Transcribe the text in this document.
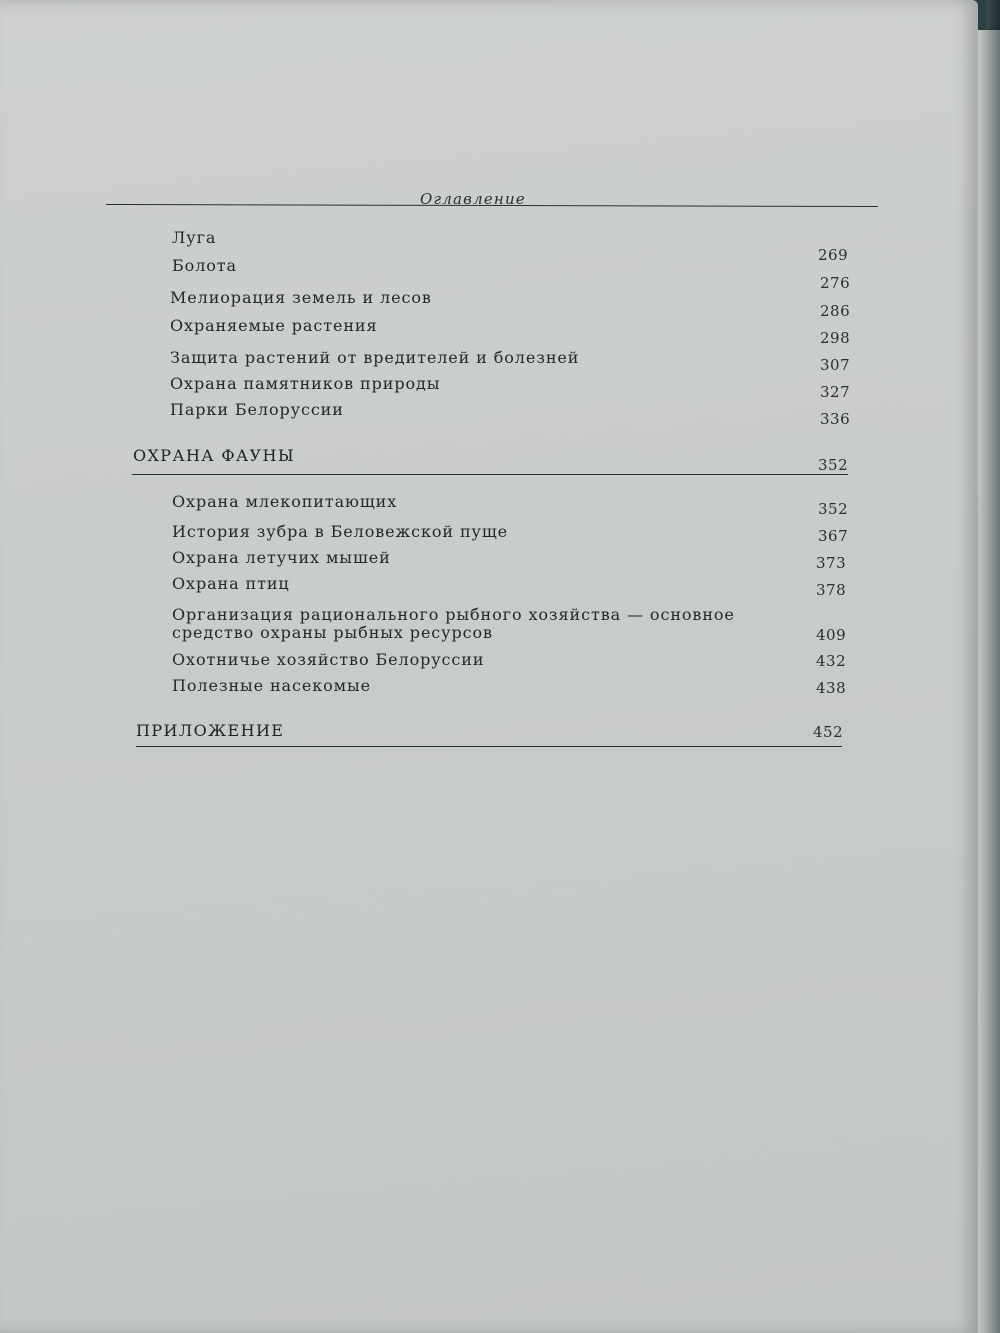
Оглавление
Луга
Болота
Мелиорация земель и лесов
Охраняемые растения
Защита растений от вредителей и болезней
Охрана памятников природы
Парки Белоруссии
269
276
286
298
307
327
336
ОХРАНА ФАУНЫ	352
Охрана млекопитающих
История зубра в Беловежской пуще
Охрана летучих мышей
Охрана птиц
Организация рационального рыбного хозяйства — основное средство охраны рыбных ресурсов
Охотничье хозяйство Белоруссии
Полезные насекомые
352
367
373
378
409
432
438
ПРИЛОЖЕНИЕ	452
